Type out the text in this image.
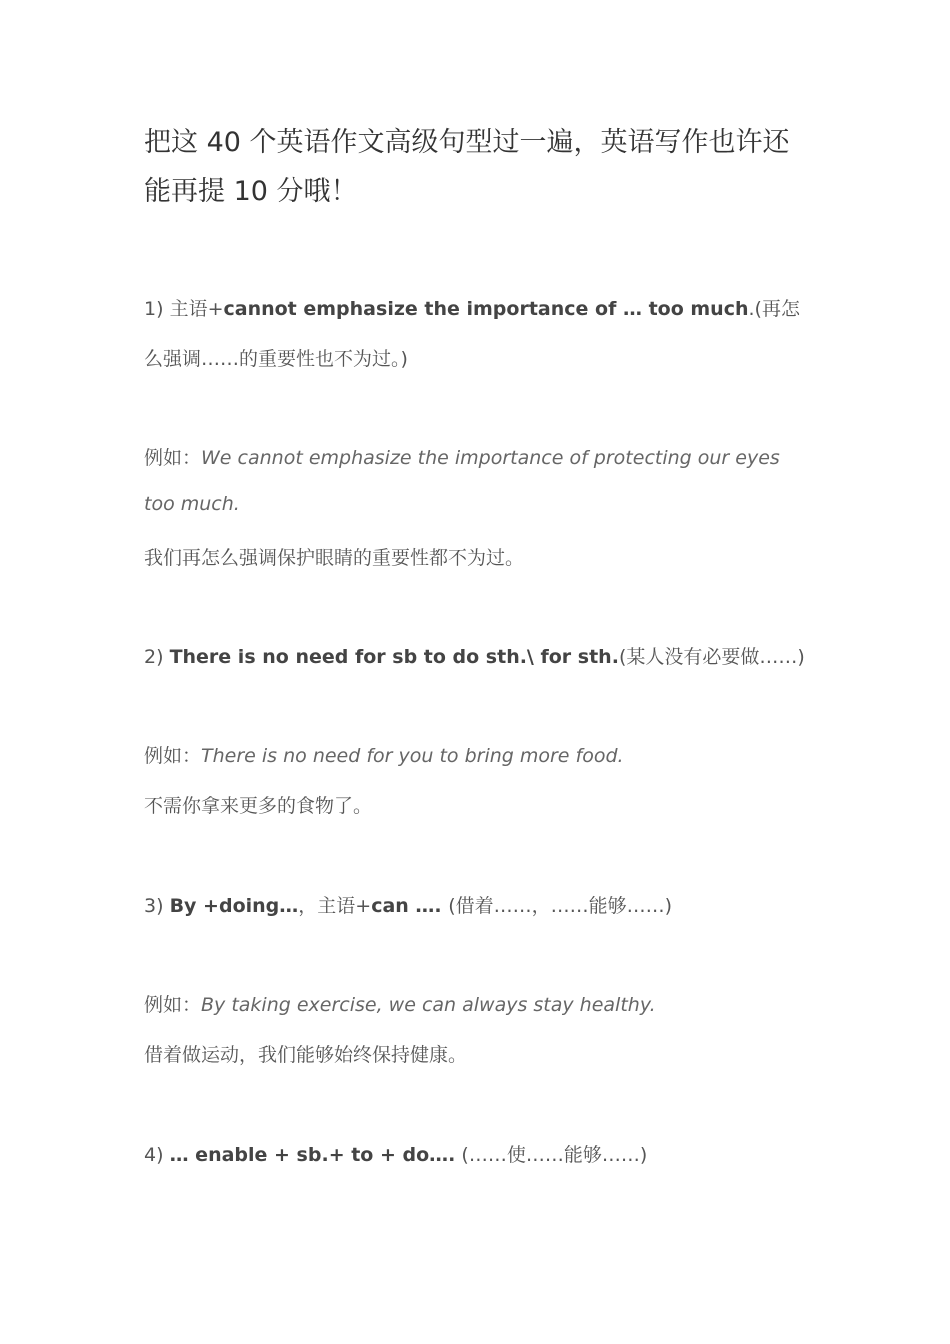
把这 40 个英语作文高级句型过一遍，英语写作也许还能再提 10 分哦！
1) 主语+cannot emphasize the importance of … too much.(再怎
么强调……的重要性也不为过。)
例如：We cannot emphasize the importance of protecting our eyes
too much.
我们再怎么强调保护眼睛的重要性都不为过。
2) There is no need for sb to do sth.\ for sth.(某人没有必要做……)
例如：There is no need for you to bring more food.
不需你拿来更多的食物了。
3) By +doing…，主语+can …. (借着……，……能够……)
例如：By taking exercise, we can always stay healthy.
借着做运动，我们能够始终保持健康。
4) … enable + sb.+ to + do…. (……使……能够……)
